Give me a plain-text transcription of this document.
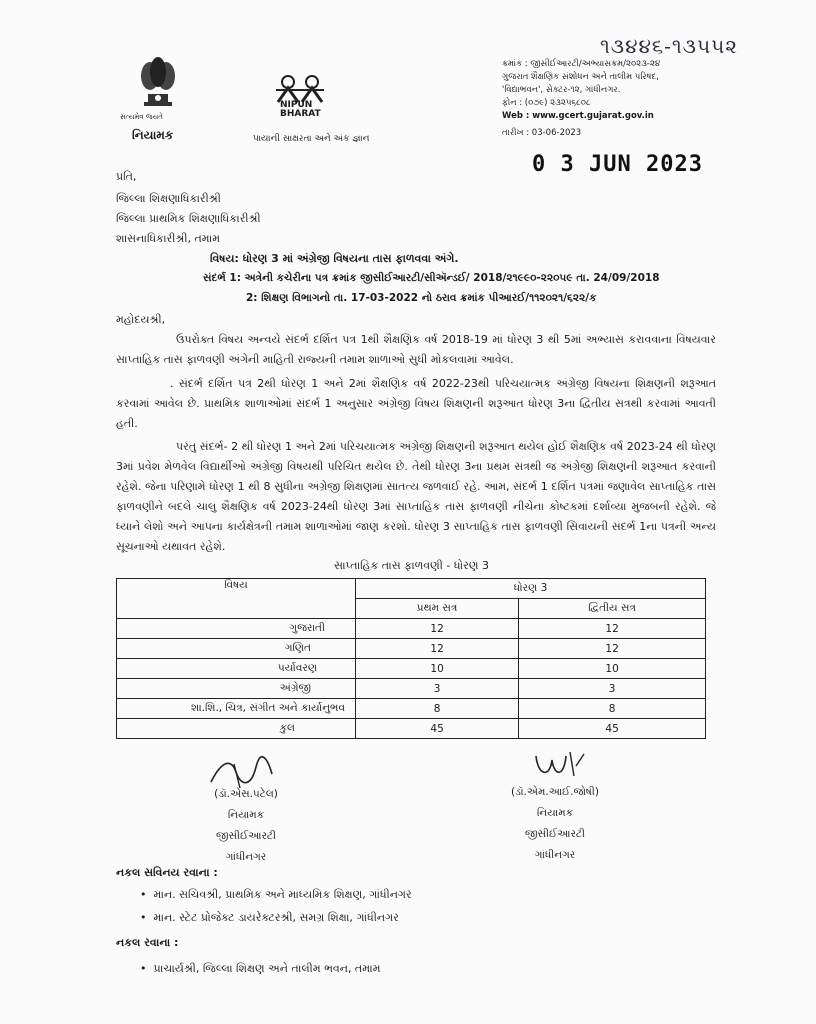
૧૩૪૪૬-૧૩૫૫૨
સત્યમેવ જયતે
નિયામક
NIPUN
BHARAT
પાયાની સાક્ષરતા અને અંક જ્ઞાન
ક્રમાંક : જીસીઈઆરટી/અભ્યાસક્રમ/૨૦૨૩-૨૪
ગુજરાત શૈક્ષણિક સંશોધન અને તાલીમ પરિષદ,
'વિદ્યાભવન', સેક્ટર-૧૨, ગાંધીનગર.
ફોન : (૦૭૯) ૨૩૨૫૬૮૦૮
Web : www.gcert.gujarat.gov.in
તારીખ : 03-06-2023
0 3 JUN 2023
પ્રતિ,
જિલ્લા શિક્ષણાધિકારીશ્રી
જિલ્લા પ્રાથમિક શિક્ષણાધિકારીશ્રી
શાસનાધિકારીશ્રી, તમામ
વિષય: ધોરણ 3 માં અંગ્રેજી વિષયના તાસ ફાળવવા અંગે.
સંદર્ભ 1: અત્રેની કચેરીના પત્ર ક્રમાંક જીસીઈઆરટી/સીઍન્ડઈ/ 2018/૨૧૯૯૦-૨૨૦૫૯ તા. 24/09/2018
2: શિક્ષણ વિભાગનો તા. 17-03-2022 નો ઠરાવ ક્રમાંક પીઆરઈ/૧૧૨૦૨૧/૬૨૨/ક
મહોદયશ્રી,
ઉપરોક્ત વિષય અન્વયે સંદર્ભ દર્શિત પત્ર 1થી શૈક્ષણિક વર્ષ 2018-19 માં ધોરણ 3 થી 5માં અભ્યાસ કરાવવાના વિષયવાર સાપ્તાહિક તાસ ફાળવણી અંગેની માહિતી રાજ્યની તમામ શાળાઓ સુધી મોકલવામાં આવેલ.
. સંદર્ભ દર્શિત પત્ર 2થી ધોરણ 1 અને 2માં શૈક્ષણિક વર્ષ 2022-23થી પરિચયાત્મક અંગ્રેજી વિષયના શિક્ષણની શરૂઆત કરવામાં આવેલ છે. પ્રાથમિક શાળાઓમાં સંદર્ભ 1 અનુસાર અંગ્રેજી વિષય શિક્ષણની શરૂઆત ધોરણ 3ના દ્વિતીય સત્રથી કરવામાં આવતી હતી.
પરંતુ સંદર્ભ- 2 થી ધોરણ 1 અને 2માં પરિચયાત્મક અંગ્રેજી શિક્ષણની શરૂઆત થયેલ હોઈ શૈક્ષણિક વર્ષ 2023-24 થી ધોરણ 3માં પ્રવેશ મેળવેલ વિદ્યાર્થીઓ અંગ્રેજી વિષયથી પરિચિત થયેલ છે. તેથી ધોરણ 3ના પ્રથમ સત્રથી જ અંગ્રેજી શિક્ષણની શરૂઆત કરવાની રહેશે. જેના પરિણામે ધોરણ 1 થી 8 સુધીના અંગ્રેજી શિક્ષણમાં સાતત્ય જળવાઈ રહે. આમ, સંદર્ભ 1 દર્શિત પત્રમાં જણાવેલ સાપ્તાહિક તાસ ફાળવણીને બદલે ચાલુ શૈક્ષણિક વર્ષ 2023-24થી ધોરણ 3માં સાપ્તાહિક તાસ ફાળવણી નીચેના કોષ્ટકમાં દર્શાવ્યા મુજબની રહેશે. જે ધ્યાને લેશો અને આપના કાર્યક્ષેત્રની તમામ શાળાઓમાં જાણ કરશો. ધોરણ 3 સાપ્તાહિક તાસ ફાળવણી સિવાયની સંદર્ભ 1ના પત્રની અન્ય સૂચનાઓ યથાવત રહેશે.
સાપ્તાહિક તાસ ફાળવણી - ધોરણ 3
વિષય	ધોરણ 3	
	પ્રથમ સત્ર	દ્વિતીય સત્ર
ગુજરાતી	12	12
ગણિત	12	12
પર્યાવરણ	10	10
અંગ્રેજી	3	3
શા.શિ., ચિત્ર, સંગીત અને કાર્યાનુભવ	8	8
કુલ	45	45
(ડૉ.એસ.પટેલ)
નિયામક
જીસીઈઆરટી
ગાંધીનગર
(ડૉ.એમ.આઈ.જોષી)
નિયામક
જીસીઈઆરટી
ગાંધીનગર
નકલ સવિનય રવાના :
•  માન. સચિવશ્રી, પ્રાથમિક અને માધ્યમિક શિક્ષણ, ગાંધીનગર
•  માન. સ્ટેટ પ્રોજેક્ટ ડાયરેક્ટરશ્રી, સમગ્ર શિક્ષા, ગાંધીનગર
નકલ રવાના :
•  પ્રાચાર્યશ્રી, જિલ્લા શિક્ષણ અને તાલીમ ભવન, તમામ
